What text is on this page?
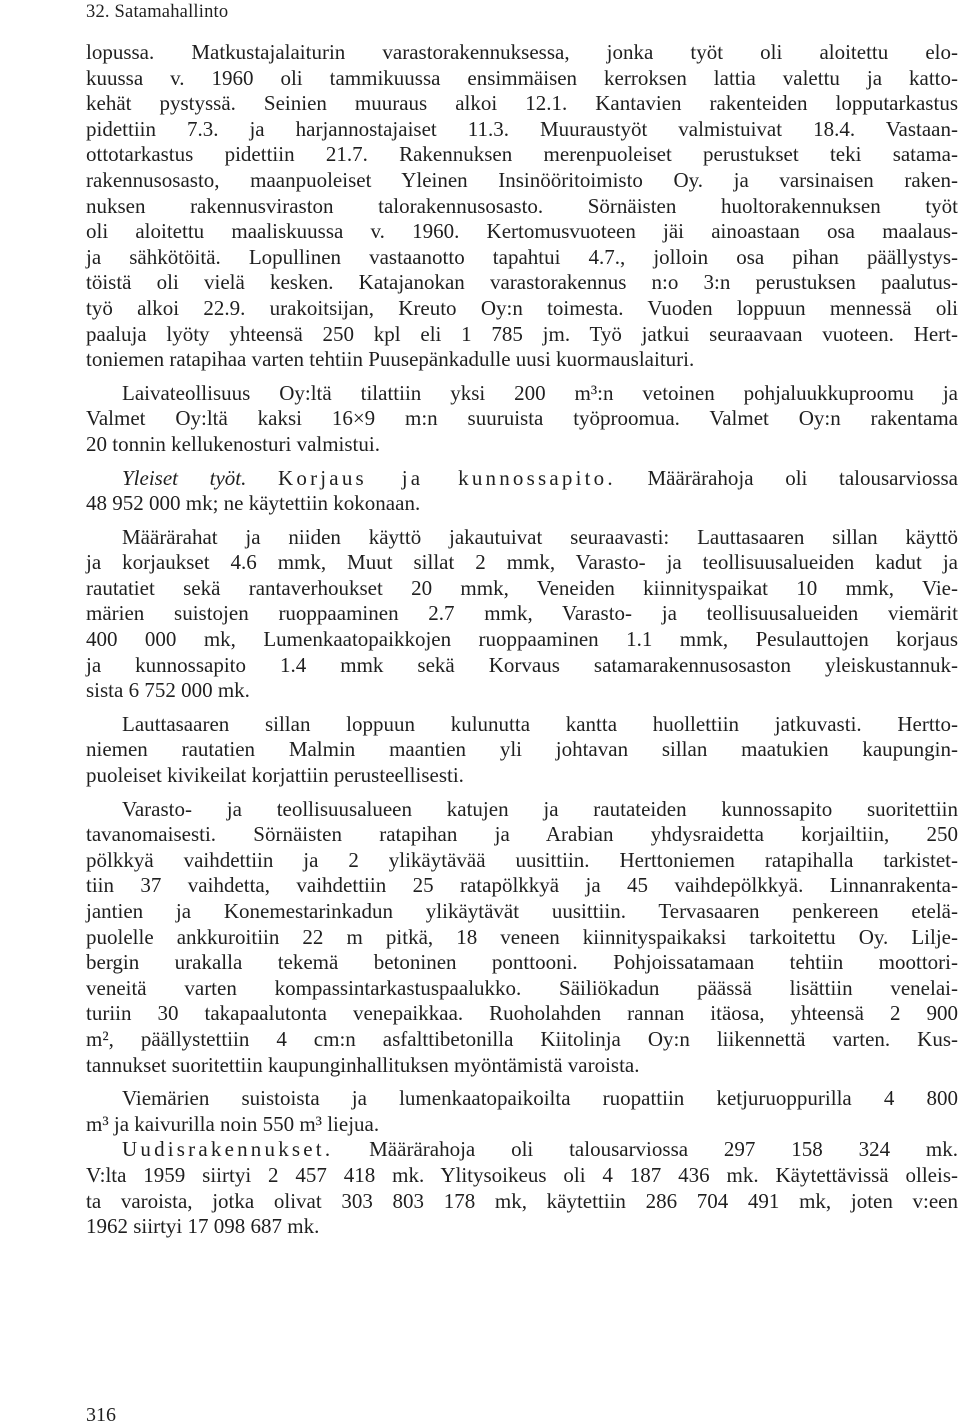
32. Satamahallinto
lopussa. Matkustajalaiturin varastorakennuksessa, jonka työt oli aloitettu elo-
kuussa v. 1960 oli tammikuussa ensimmäisen kerroksen lattia valettu ja katto-
kehät pystyssä. Seinien muuraus alkoi 12.1. Kantavien rakenteiden lopputarkastus
pidettiin 7.3. ja harjannostajaiset 11.3. Muuraustyöt valmistuivat 18.4. Vastaan-
ottotarkastus pidettiin 21.7. Rakennuksen merenpuoleiset perustukset teki satama-
rakennusosasto, maanpuoleiset Yleinen Insinööritoimisto Oy. ja varsinaisen raken-
nuksen rakennusviraston talorakennusosasto. Sörnäisten huoltorakennuksen työt
oli aloitettu maaliskuussa v. 1960. Kertomusvuoteen jäi ainoastaan osa maalaus-
ja sähkötöitä. Lopullinen vastaanotto tapahtui 4.7., jolloin osa pihan päällystys-
töistä oli vielä kesken. Katajanokan varastorakennus n:o 3:n perustuksen paalutus-
työ alkoi 22.9. urakoitsijan, Kreuto Oy:n toimesta. Vuoden loppuun mennessä oli
paaluja lyöty yhteensä 250 kpl eli 1 785 jm. Työ jatkui seuraavaan vuoteen. Hert-
toniemen ratapihaa varten tehtiin Puusepänkadulle uusi kuormauslaituri.
Laivateollisuus Oy:ltä tilattiin yksi 200 m³:n vetoinen pohjaluukkuproomu ja
Valmet Oy:ltä kaksi 16×9 m:n suuruista työproomua. Valmet Oy:n rakentama
20 tonnin kellukenosturi valmistui.
Yleiset työt. Korjaus ja kunnossapito. Määrärahoja oli talousarviossa
48 952 000 mk; ne käytettiin kokonaan.
Määrärahat ja niiden käyttö jakautuivat seuraavasti: Lauttasaaren sillan käyttö
ja korjaukset 4.6 mmk, Muut sillat 2 mmk, Varasto- ja teollisuusalueiden kadut ja
rautatiet sekä rantaverhoukset 20 mmk, Veneiden kiinnityspaikat 10 mmk, Vie-
märien suistojen ruoppaaminen 2.7 mmk, Varasto- ja teollisuusalueiden viemärit
400 000 mk, Lumenkaatopaikkojen ruoppaaminen 1.1 mmk, Pesulauttojen korjaus
ja kunnossapito 1.4 mmk sekä Korvaus satamarakennusosaston yleiskustannuk-
sista 6 752 000 mk.
Lauttasaaren sillan loppuun kulunutta kantta huollettiin jatkuvasti. Hertto-
niemen rautatien Malmin maantien yli johtavan sillan maatukien kaupungin-
puoleiset kivikeilat korjattiin perusteellisesti.
Varasto- ja teollisuusalueen katujen ja rautateiden kunnossapito suoritettiin
tavanomaisesti. Sörnäisten ratapihan ja Arabian yhdysraidetta korjailtiin, 250
pölkkyä vaihdettiin ja 2 ylikäytävää uusittiin. Herttoniemen ratapihalla tarkistet-
tiin 37 vaihdetta, vaihdettiin 25 ratapölkkyä ja 45 vaihdepölkkyä. Linnanrakenta-
jantien ja Konemestarinkadun ylikäytävät uusittiin. Tervasaaren penkereen etelä-
puolelle ankkuroitiin 22 m pitkä, 18 veneen kiinnityspaikaksi tarkoitettu Oy. Lilje-
bergin urakalla tekemä betoninen ponttooni. Pohjoissatamaan tehtiin moottori-
veneitä varten kompassintarkastuspaalukko. Säiliökadun päässä lisättiin venelai-
turiin 30 takapaalutonta venepaikkaa. Ruoholahden rannan itäosa, yhteensä 2 900
m², päällystettiin 4 cm:n asfalttibetonilla Kiitolinja Oy:n liikennettä varten. Kus-
tannukset suoritettiin kaupunginhallituksen myöntämistä varoista.
Viemärien suistoista ja lumenkaatopaikoilta ruopattiin ketjuruoppurilla 4 800
m³ ja kaivurilla noin 550 m³ liejua.
Uudisrakennukset. Määrärahoja oli talousarviossa 297 158 324 mk.
V:lta 1959 siirtyi 2 457 418 mk. Ylitysoikeus oli 4 187 436 mk. Käytettävissä olleis-
ta varoista, jotka olivat 303 803 178 mk, käytettiin 286 704 491 mk, joten v:een
1962 siirtyi 17 098 687 mk.
316
